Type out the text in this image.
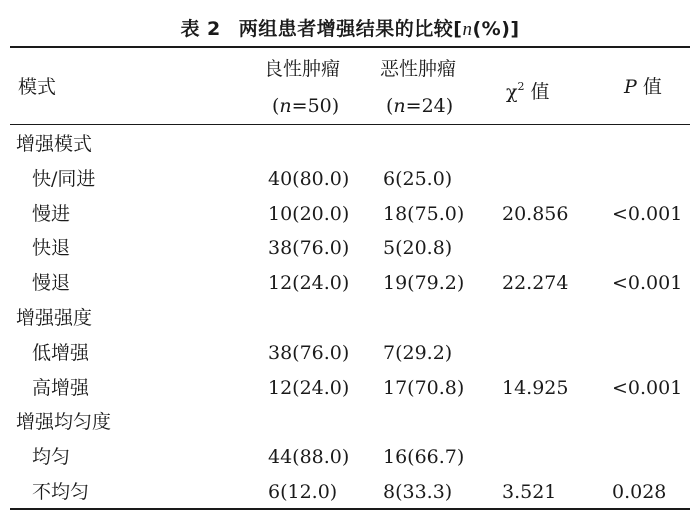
表 2 两组患者增强结果的比较[n(%)]
模式
良性肿瘤 恶性肿瘤
(n=50) (n=24)
$\chi^2$ 值	P 值
增强模式
快/同进	40(80.0) 6(25.0)
慢进	10(20.0) 18(75.0) 20.856 <0.001
快退	38(76.0) 5(20.8)
慢退	12(24.0) 19(79.2) 22.274 <0.001
增强强度
低增强	38(76.0) 7(29.2)
高增强	12(24.0) 17(70.8) 14.925 <0.001
增强均匀度
均匀	44(88.0) 16(66.7)
不均匀	6(12.0) 8(33.3)	3.521	0.028
